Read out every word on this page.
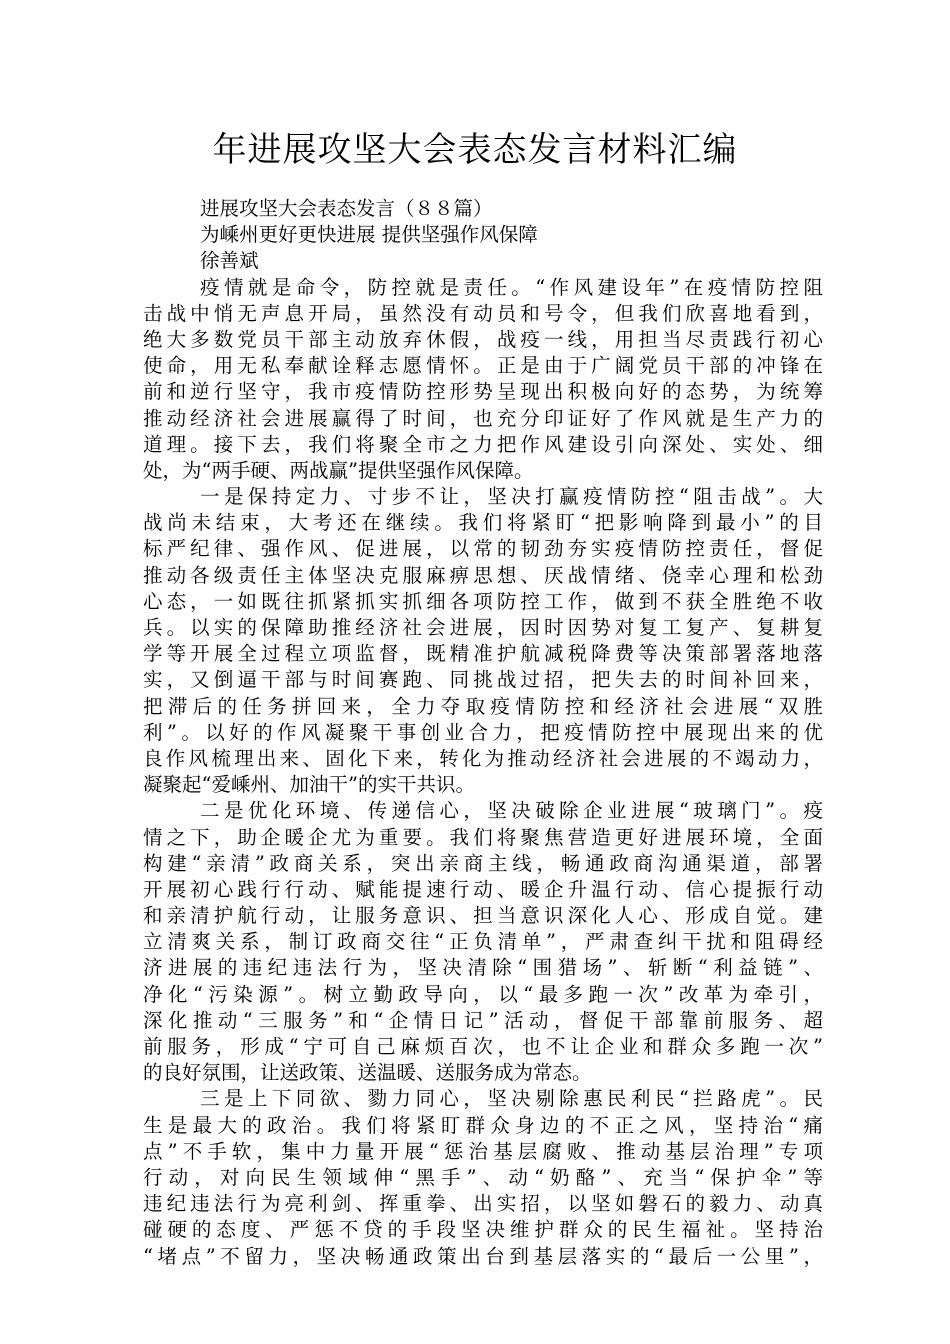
年进展攻坚大会表态发言材料汇编
进展攻坚大会表态发言（８８篇）
为嵊州更好更快进展 提供坚强作风保障
徐善斌
疫情就是命令，防控就是责任。“作风建设年”在疫情防控阻
击战中悄无声息开局，虽然没有动员和号令，但我们欣喜地看到，
绝大多数党员干部主动放弃休假，战疫一线，用担当尽责践行初心
使命，用无私奉献诠释志愿情怀。正是由于广阔党员干部的冲锋在
前和逆行坚守，我市疫情防控形势呈现出积极向好的态势，为统筹
推动经济社会进展赢得了时间，也充分印证好了作风就是生产力的
道理。接下去，我们将聚全市之力把作风建设引向深处、实处、细
处，为“两手硬、两战赢”提供坚强作风保障。
一是保持定力、寸步不让，坚决打赢疫情防控“阻击战”。大
战尚未结束，大考还在继续。我们将紧盯“把影响降到最小”的目
标严纪律、强作风、促进展，以常的韧劲夯实疫情防控责任，督促
推动各级责任主体坚决克服麻痹思想、厌战情绪、侥幸心理和松劲
心态，一如既往抓紧抓实抓细各项防控工作，做到不获全胜绝不收
兵。以实的保障助推经济社会进展，因时因势对复工复产、复耕复
学等开展全过程立项监督，既精准护航减税降费等决策部署落地落
实，又倒逼干部与时间赛跑、同挑战过招，把失去的时间补回来，
把滞后的任务拼回来，全力夺取疫情防控和经济社会进展“双胜
利”。以好的作风凝聚干事创业合力，把疫情防控中展现出来的优
良作风梳理出来、固化下来，转化为推动经济社会进展的不竭动力，
凝聚起“爱嵊州、加油干”的实干共识。
二是优化环境、传递信心，坚决破除企业进展“玻璃门”。疫
情之下，助企暖企尤为重要。我们将聚焦营造更好进展环境，全面
构建“亲清”政商关系，突出亲商主线，畅通政商沟通渠道，部署
开展初心践行行动、赋能提速行动、暖企升温行动、信心提振行动
和亲清护航行动，让服务意识、担当意识深化人心、形成自觉。建
立清爽关系，制订政商交往“正负清单”，严肃查纠干扰和阻碍经
济进展的违纪违法行为，坚决清除“围猎场”、斩断“利益链”、
净化“污染源”。树立勤政导向，以“最多跑一次”改革为牵引，
深化推动“三服务”和“企情日记”活动，督促干部靠前服务、超
前服务，形成“宁可自己麻烦百次，也不让企业和群众多跑一次”
的良好氛围，让送政策、送温暖、送服务成为常态。
三是上下同欲、勠力同心，坚决剔除惠民利民“拦路虎”。民
生是最大的政治。我们将紧盯群众身边的不正之风，坚持治“痛
点”不手软，集中力量开展“惩治基层腐败、推动基层治理”专项
行动，对向民生领域伸“黑手”、动“奶酪”、充当“保护伞”等
违纪违法行为亮利剑、挥重拳、出实招，以坚如磐石的毅力、动真
碰硬的态度、严惩不贷的手段坚决维护群众的民生福祉。坚持治
“堵点”不留力，坚决畅通政策出台到基层落实的“最后一公里”，
